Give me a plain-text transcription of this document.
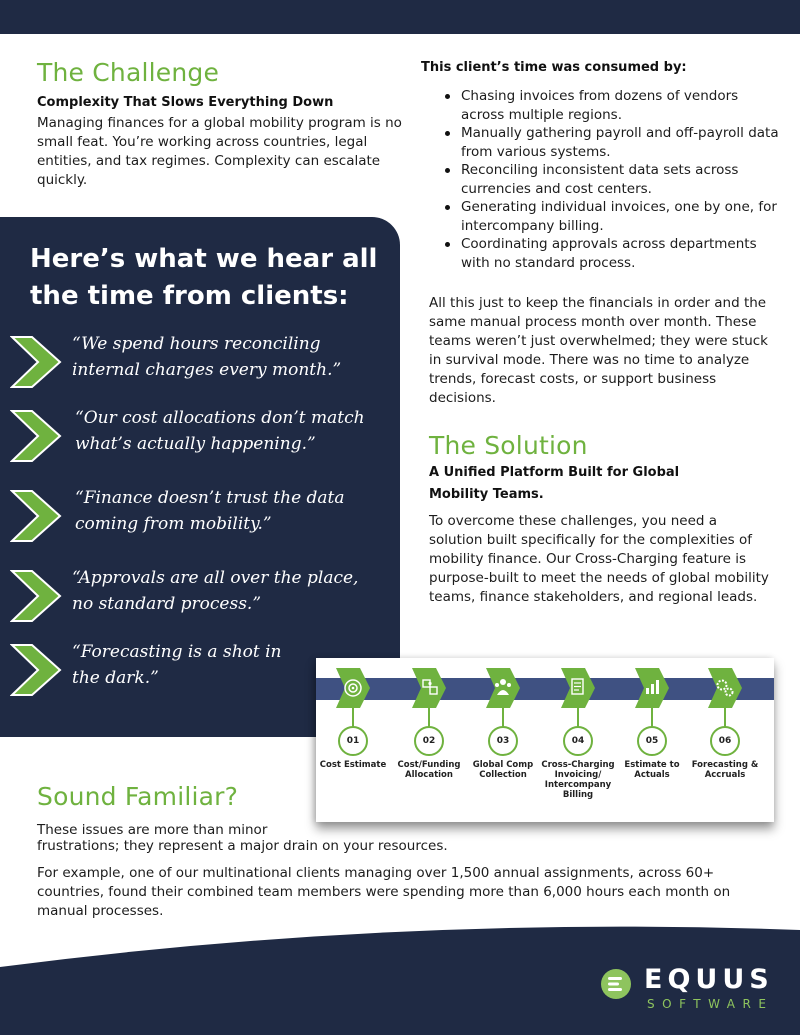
The Challenge
Complexity That Slows Everything Down

Managing finances for a global mobility program is no small feat. You’re working across countries, legal entities, and tax regimes. Complexity can escalate quickly.

Here’s what we hear all the time from clients:
“We spend hours reconciling internal charges every month.”
“Our cost allocations don’t match what’s actually happening.”
“Finance doesn’t trust the data coming from mobility.”
“Approvals are all over the place, no standard process.”
“Forecasting is a shot in the dark.”
This client’s time was consumed by:
Chasing invoices from dozens of vendors across multiple regions.
Manually gathering payroll and off-payroll data from various systems.
Reconciling inconsistent data sets across currencies and cost centers.
Generating individual invoices, one by one, for intercompany billing.
Coordinating approvals across departments with no standard process.

All this just to keep the financials in order and the same manual process month over month. These teams weren’t just overwhelmed; they were stuck in survival mode. There was no time to analyze trends, forecast costs, or support business decisions.

The Solution
A Unified Platform Built for Global Mobility Teams.

To overcome these challenges, you need a solution built specifically for the complexities of mobility finance. Our Cross-Charging feature is purpose-built to meet the needs of global mobility teams, finance stakeholders, and regional leads.

01
Cost Estimate
02
Cost/Funding Allocation
03
Global Comp Collection
04
Cross-Charging Invoicing/ Intercompany Billing
05
Estimate to Actuals
06
Forecasting & Accruals
Sound Familiar?

These issues are more than minor

frustrations; they represent a major drain on your resources.

For example, one of our multinational clients managing over 1,500 annual assignments, across 60+ countries, found their combined team members were spending more than 6,000 hours each month on manual processes.

EQUUS
SOFTWARE
